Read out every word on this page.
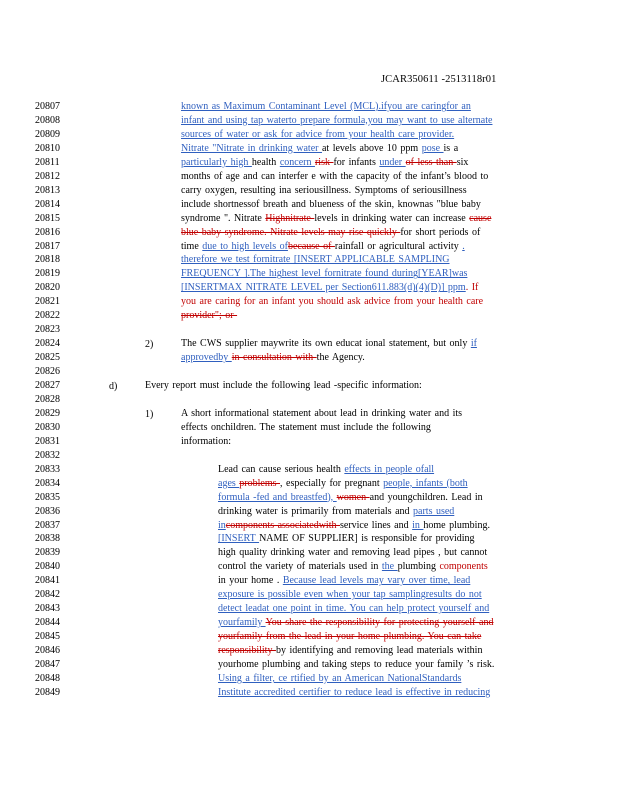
JCAR350611 -2513118r01
20807
20808
20809
20810
20811
20812
20813
20814
20815
20816
20817
20818
20819
20820
20821
20822
20823
20824
20825
20826
20827
20828
20829
20830
20831
20832
20833
20834
20835
20836
20837
20838
20839
20840
20841
20842
20843
20844
20845
20846
20847
20848
20849
2)
d)
1)
known as Maximum Contaminant Level (MCL).ifyou are caringfor an
infant and using tap waterto prepare formula,you may want to use alternate
sources of water or ask for advice from your health care provider.
Nitrate "Nitrate in drinking water at levels above 10 ppm pose is a
particularly high health concern risk for infants under of less than six
months of age and can interfer e with the capacity of the infant’s blood to
carry oxygen, resulting ina seriousillness. Symptoms of seriousillness
include shortnessof breath and blueness of the skin, knownas "blue baby
syndrome ". Nitrate Highnitrate levels in drinking water can increase cause
blue baby syndrome. Nitrate levels may rise quickly for short periods of
time due to high levels ofbecause of rainfall or agricultural activity .
therefore we test fornitrate [INSERT APPLICABLE SAMPLING
FREQUENCY ].The highest level fornitrate found during[YEAR]was
[INSERTMAX NITRATE LEVEL per Section611.883(d)(4)(D)] ppm. If
you are caring for an infant you should ask advice from your health care
provider"; or
The CWS supplier maywrite its own educat ional statement, but only if
approvedby in consultation with the Agency.
Every report must include the following lead -specific information:
A short informational statement about lead in drinking water and its
effects onchildren. The statement must include the following
information:
Lead can cause serious health effects in people ofall
ages problems , especially for pregnant people, infants (both
formula -fed and breastfed), women and youngchildren. Lead in
drinking water is primarily from materials and parts used
incomponents associatedwith service lines and in home plumbing.
[INSERT NAME OF SUPPLIER] is responsible for providing
high quality drinking water and removing lead pipes , but cannot
control the variety of materials used in the plumbing components
in your home . Because lead levels may vary over time, lead
exposure is possible even when your tap samplingresults do not
detect leadat one point in time. You can help protect yourself and
yourfamily You share the responsibility for protecting yourself and
yourfamily from the lead in your home plumbing. You can take
responsibility by identifying and removing lead materials within
yourhome plumbing and taking steps to reduce your family ’s risk.
Using a filter, ce rtified by an American NationalStandards
Institute accredited certifier to reduce lead is effective in reducing
